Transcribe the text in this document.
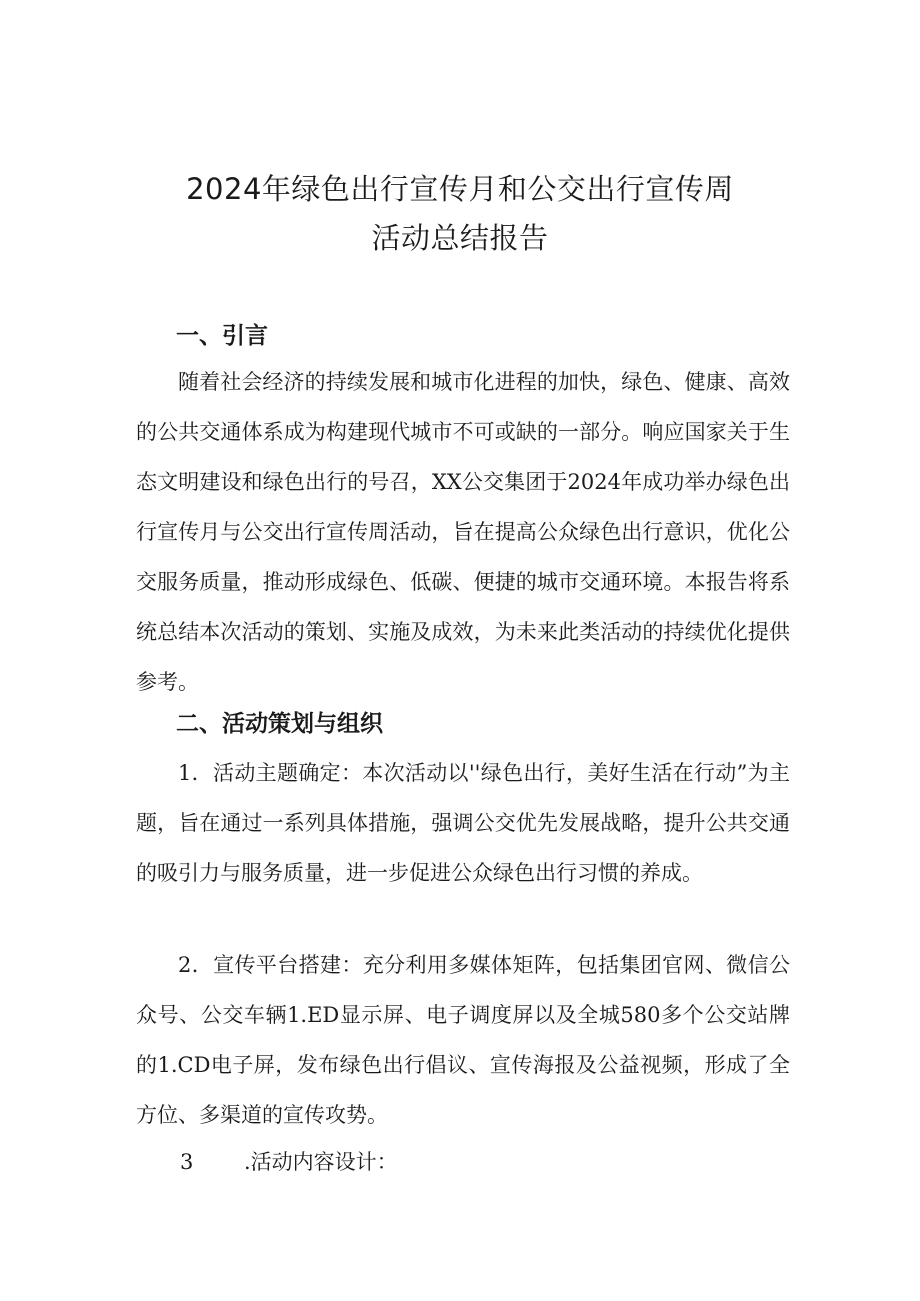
2024年绿色出行宣传月和公交出行宣传周
活动总结报告
一、引言

随着社会经济的持续发展和城市化进程的加快，绿色、健康、高效的公共交通体系成为构建现代城市不可或缺的一部分。响应国家关于生态文明建设和绿色出行的号召，XX公交集团于2024年成功举办绿色出行宣传月与公交出行宣传周活动，旨在提高公众绿色出行意识，优化公交服务质量，推动形成绿色、低碳、便捷的城市交通环境。本报告将系统总结本次活动的策划、实施及成效，为未来此类活动的持续优化提供参考。

二、活动策划与组织

1．活动主题确定：本次活动以''绿色出行，美好生活在行动”为主题，旨在通过一系列具体措施，强调公交优先发展战略，提升公共交通的吸引力与服务质量，进一步促进公众绿色出行习惯的养成。

2．宣传平台搭建：充分利用多媒体矩阵，包括集团官网、微信公众号、公交车辆1.ED显示屏、电子调度屏以及全城580多个公交站牌的1.CD电子屏，发布绿色出行倡议、宣传海报及公益视频，形成了全方位、多渠道的宣传攻势。

3 .活动内容设计：
